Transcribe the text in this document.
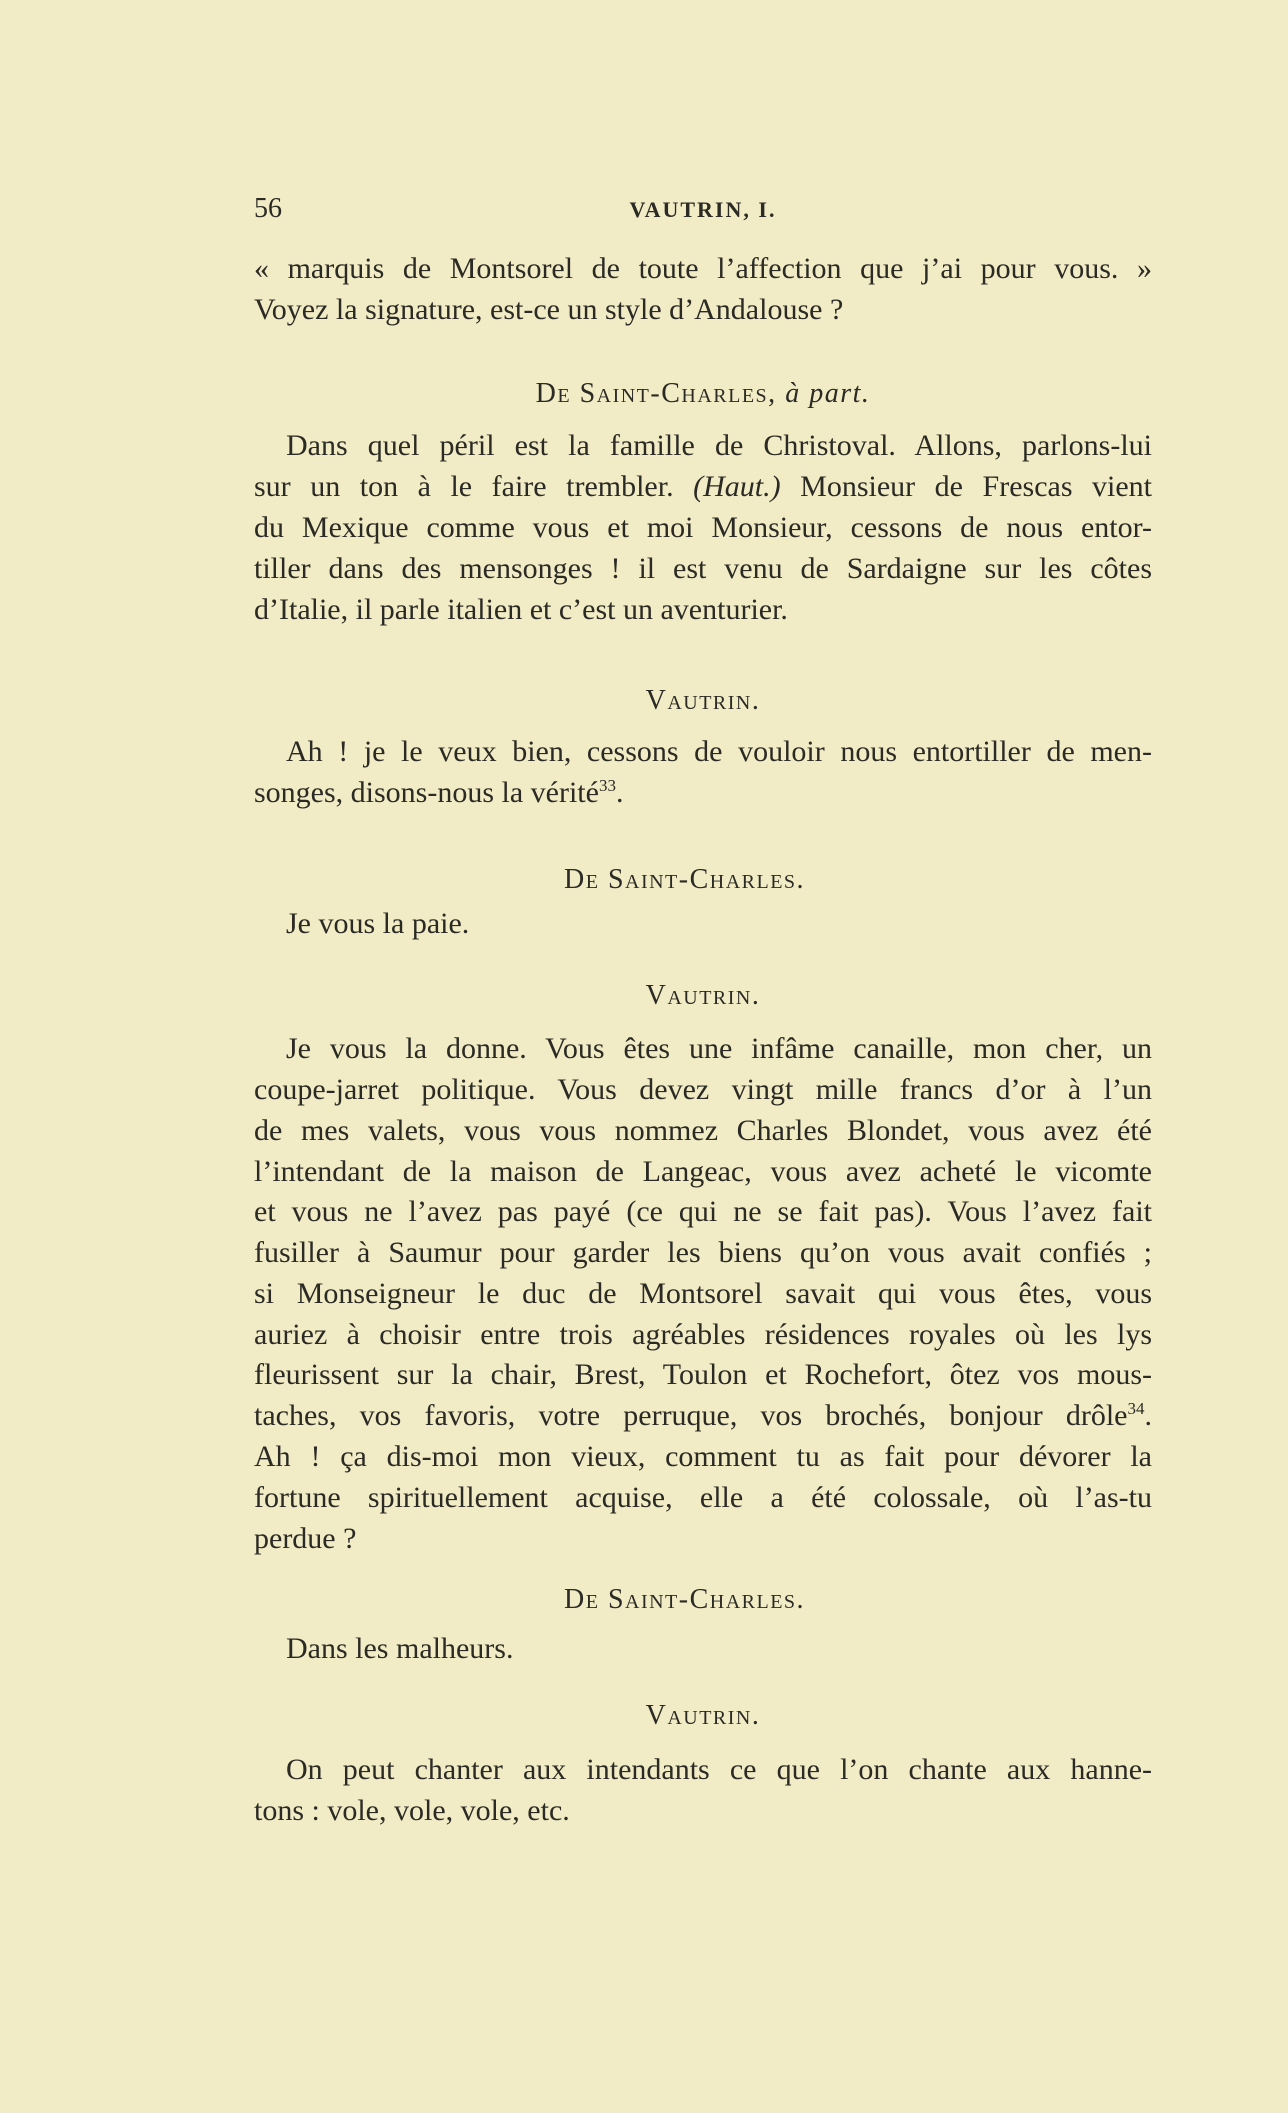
56	VAUTRIN, I.
« marquis de Montsorel de toute l’affection que j’ai pour vous. »
Voyez la signature, est-ce un style d’Andalouse ?
De Saint-Charles, à part.
Dans quel péril est la famille de Christoval. Allons, parlons-lui
sur un ton à le faire trembler. (Haut.) Monsieur de Frescas vient
du Mexique comme vous et moi Monsieur, cessons de nous entor-
tiller dans des mensonges ! il est venu de Sardaigne sur les côtes
d’Italie, il parle italien et c’est un aventurier.
Vautrin.
Ah ! je le veux bien, cessons de vouloir nous entortiller de men-
songes, disons-nous la vérité$^{33}$.
De Saint-Charles.
Je vous la paie.
Vautrin.
Je vous la donne. Vous êtes une infâme canaille, mon cher, un
coupe-jarret politique. Vous devez vingt mille francs d’or à l’un
de mes valets, vous vous nommez Charles Blondet, vous avez été
l’intendant de la maison de Langeac, vous avez acheté le vicomte
et vous ne l’avez pas payé (ce qui ne se fait pas). Vous l’avez fait
fusiller à Saumur pour garder les biens qu’on vous avait confiés ;
si Monseigneur le duc de Montsorel savait qui vous êtes, vous
auriez à choisir entre trois agréables résidences royales où les lys
fleurissent sur la chair, Brest, Toulon et Rochefort, ôtez vos mous-
taches, vos favoris, votre perruque, vos brochés, bonjour drôle$^{34}$.
Ah ! ça dis-moi mon vieux, comment tu as fait pour dévorer la
fortune spirituellement acquise, elle a été colossale, où l’as-tu
perdue ?
De Saint-Charles.
Dans les malheurs.
Vautrin.
On peut chanter aux intendants ce que l’on chante aux hanne-
tons : vole, vole, vole, etc.
